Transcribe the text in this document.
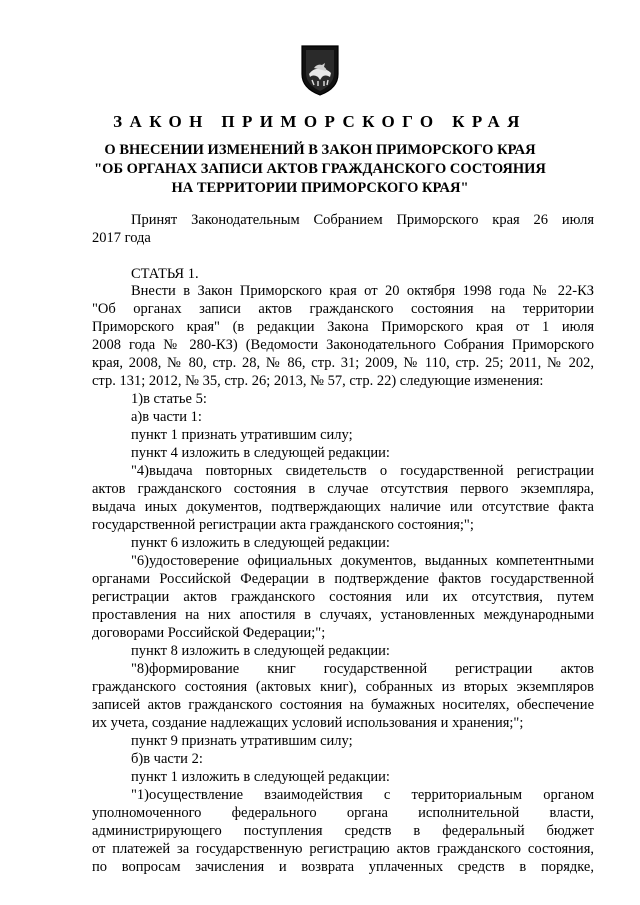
ЗАКОН ПРИМОРСКОГО КРАЯ
О ВНЕСЕНИИ ИЗМЕНЕНИЙ В ЗАКОН ПРИМОРСКОГО КРАЯ
"ОБ ОРГАНАХ ЗАПИСИ АКТОВ ГРАЖДАНСКОГО СОСТОЯНИЯ
НА ТЕРРИТОРИИ ПРИМОРСКОГО КРАЯ"
Принят Законодательным Собранием Приморского края 26 июля
2017 года
СТАТЬЯ 1.
Внести в Закон Приморского края от 20 октября 1998 года № 22-КЗ
"Об органах записи актов гражданского состояния на территории
Приморского края" (в редакции Закона Приморского края от 1 июля
2008 года № 280-КЗ) (Ведомости Законодательного Собрания Приморского
края, 2008, № 80, стр. 28, № 86, стр. 31; 2009, № 110, стр. 25; 2011, № 202,
стр. 131; 2012, № 35, стр. 26; 2013, № 57, стр. 22) следующие изменения:
1)в статье 5:
а)в части 1:
пункт 1 признать утратившим силу;
пункт 4 изложить в следующей редакции:
"4)выдача повторных свидетельств о государственной регистрации
актов гражданского состояния в случае отсутствия первого экземпляра,
выдача иных документов, подтверждающих наличие или отсутствие факта
государственной регистрации акта гражданского состояния;";
пункт 6 изложить в следующей редакции:
"6)удостоверение официальных документов, выданных компетентными
органами Российской Федерации в подтверждение фактов государственной
регистрации актов гражданского состояния или их отсутствия, путем
проставления на них апостиля в случаях, установленных международными
договорами Российской Федерации;";
пункт 8 изложить в следующей редакции:
"8)формирование книг государственной регистрации актов
гражданского состояния (актовых книг), собранных из вторых экземпляров
записей актов гражданского состояния на бумажных носителях, обеспечение
их учета, создание надлежащих условий использования и хранения;";
пункт 9 признать утратившим силу;
б)в части 2:
пункт 1 изложить в следующей редакции:
"1)осуществление взаимодействия с территориальным органом
уполномоченного федерального органа исполнительной власти,
администрирующего поступления средств в федеральный бюджет
от платежей за государственную регистрацию актов гражданского состояния,
по вопросам зачисления и возврата уплаченных средств в порядке,
